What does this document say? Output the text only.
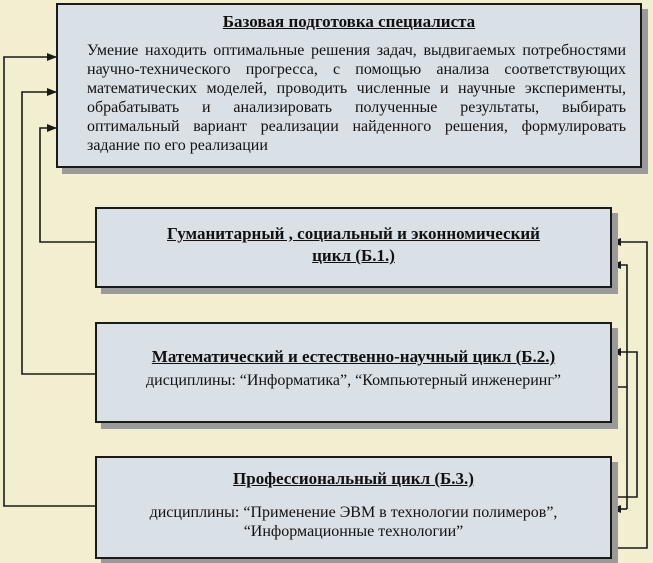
Базовая подготовка специалиста
Умение находить оптимальные решения задач, выдвигаемых потребностями научно-технического прогресса, с помощью анализа соответствующих математических моделей, проводить численные и научные эксперименты, обрабатывать и анализировать полученные результаты, выбирать оптимальный вариант реализации найденного решения, формулировать задание по его реализации
Гуманитарный , социальный и эконномический
цикл (Б.1.)
Математический и естественно-научный цикл (Б.2.)
дисциплины: “Информатика”, “Компьютерный инженеринг”
Профессиональный цикл (Б.3.)
дисциплины: “Применение ЭВМ в технологии полимеров”,
“Информационные технологии”
